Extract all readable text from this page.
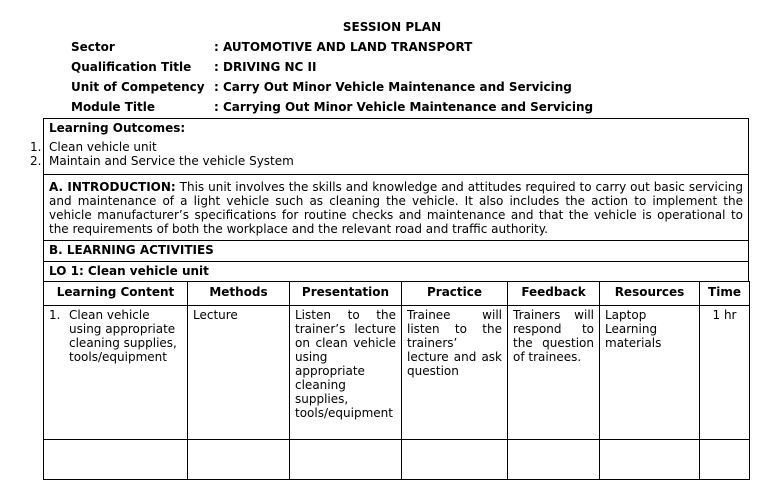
SESSION PLAN
Sector	: AUTOMOTIVE AND LAND TRANSPORT
Qualification Title : DRIVING NC II
Unit of Competency : Carry Out Minor Vehicle Maintenance and Servicing
Module Title	: Carrying Out Minor Vehicle Maintenance and Servicing
Learning Outcomes:
1. Clean vehicle unit
2. Maintain and Service the vehicle System
A. INTRODUCTION: This unit involves the skills and knowledge and attitudes required to carry out basic servicing and maintenance of a light vehicle such as cleaning the vehicle. It also includes the action to implement the vehicle manufacturer’s specifications for routine checks and maintenance and that the vehicle is operational to the requirements of both the workplace and the relevant road and traffic authority.
B. LEARNING ACTIVITIES
LO 1: Clean vehicle unit
Learning Content	Methods	Presentation	Practice	Feedback	Resources	Time

1. Clean vehicle using appropriate cleaning supplies, tools/equipment	Lecture	Listen to the trainer’s lecture on clean vehicle using appropriate cleaning supplies, tools/equipment	Trainee will listen to the trainers’ lecture and ask question	Trainers will respond to the question of trainees.	Laptop Learning materials	1 hr
